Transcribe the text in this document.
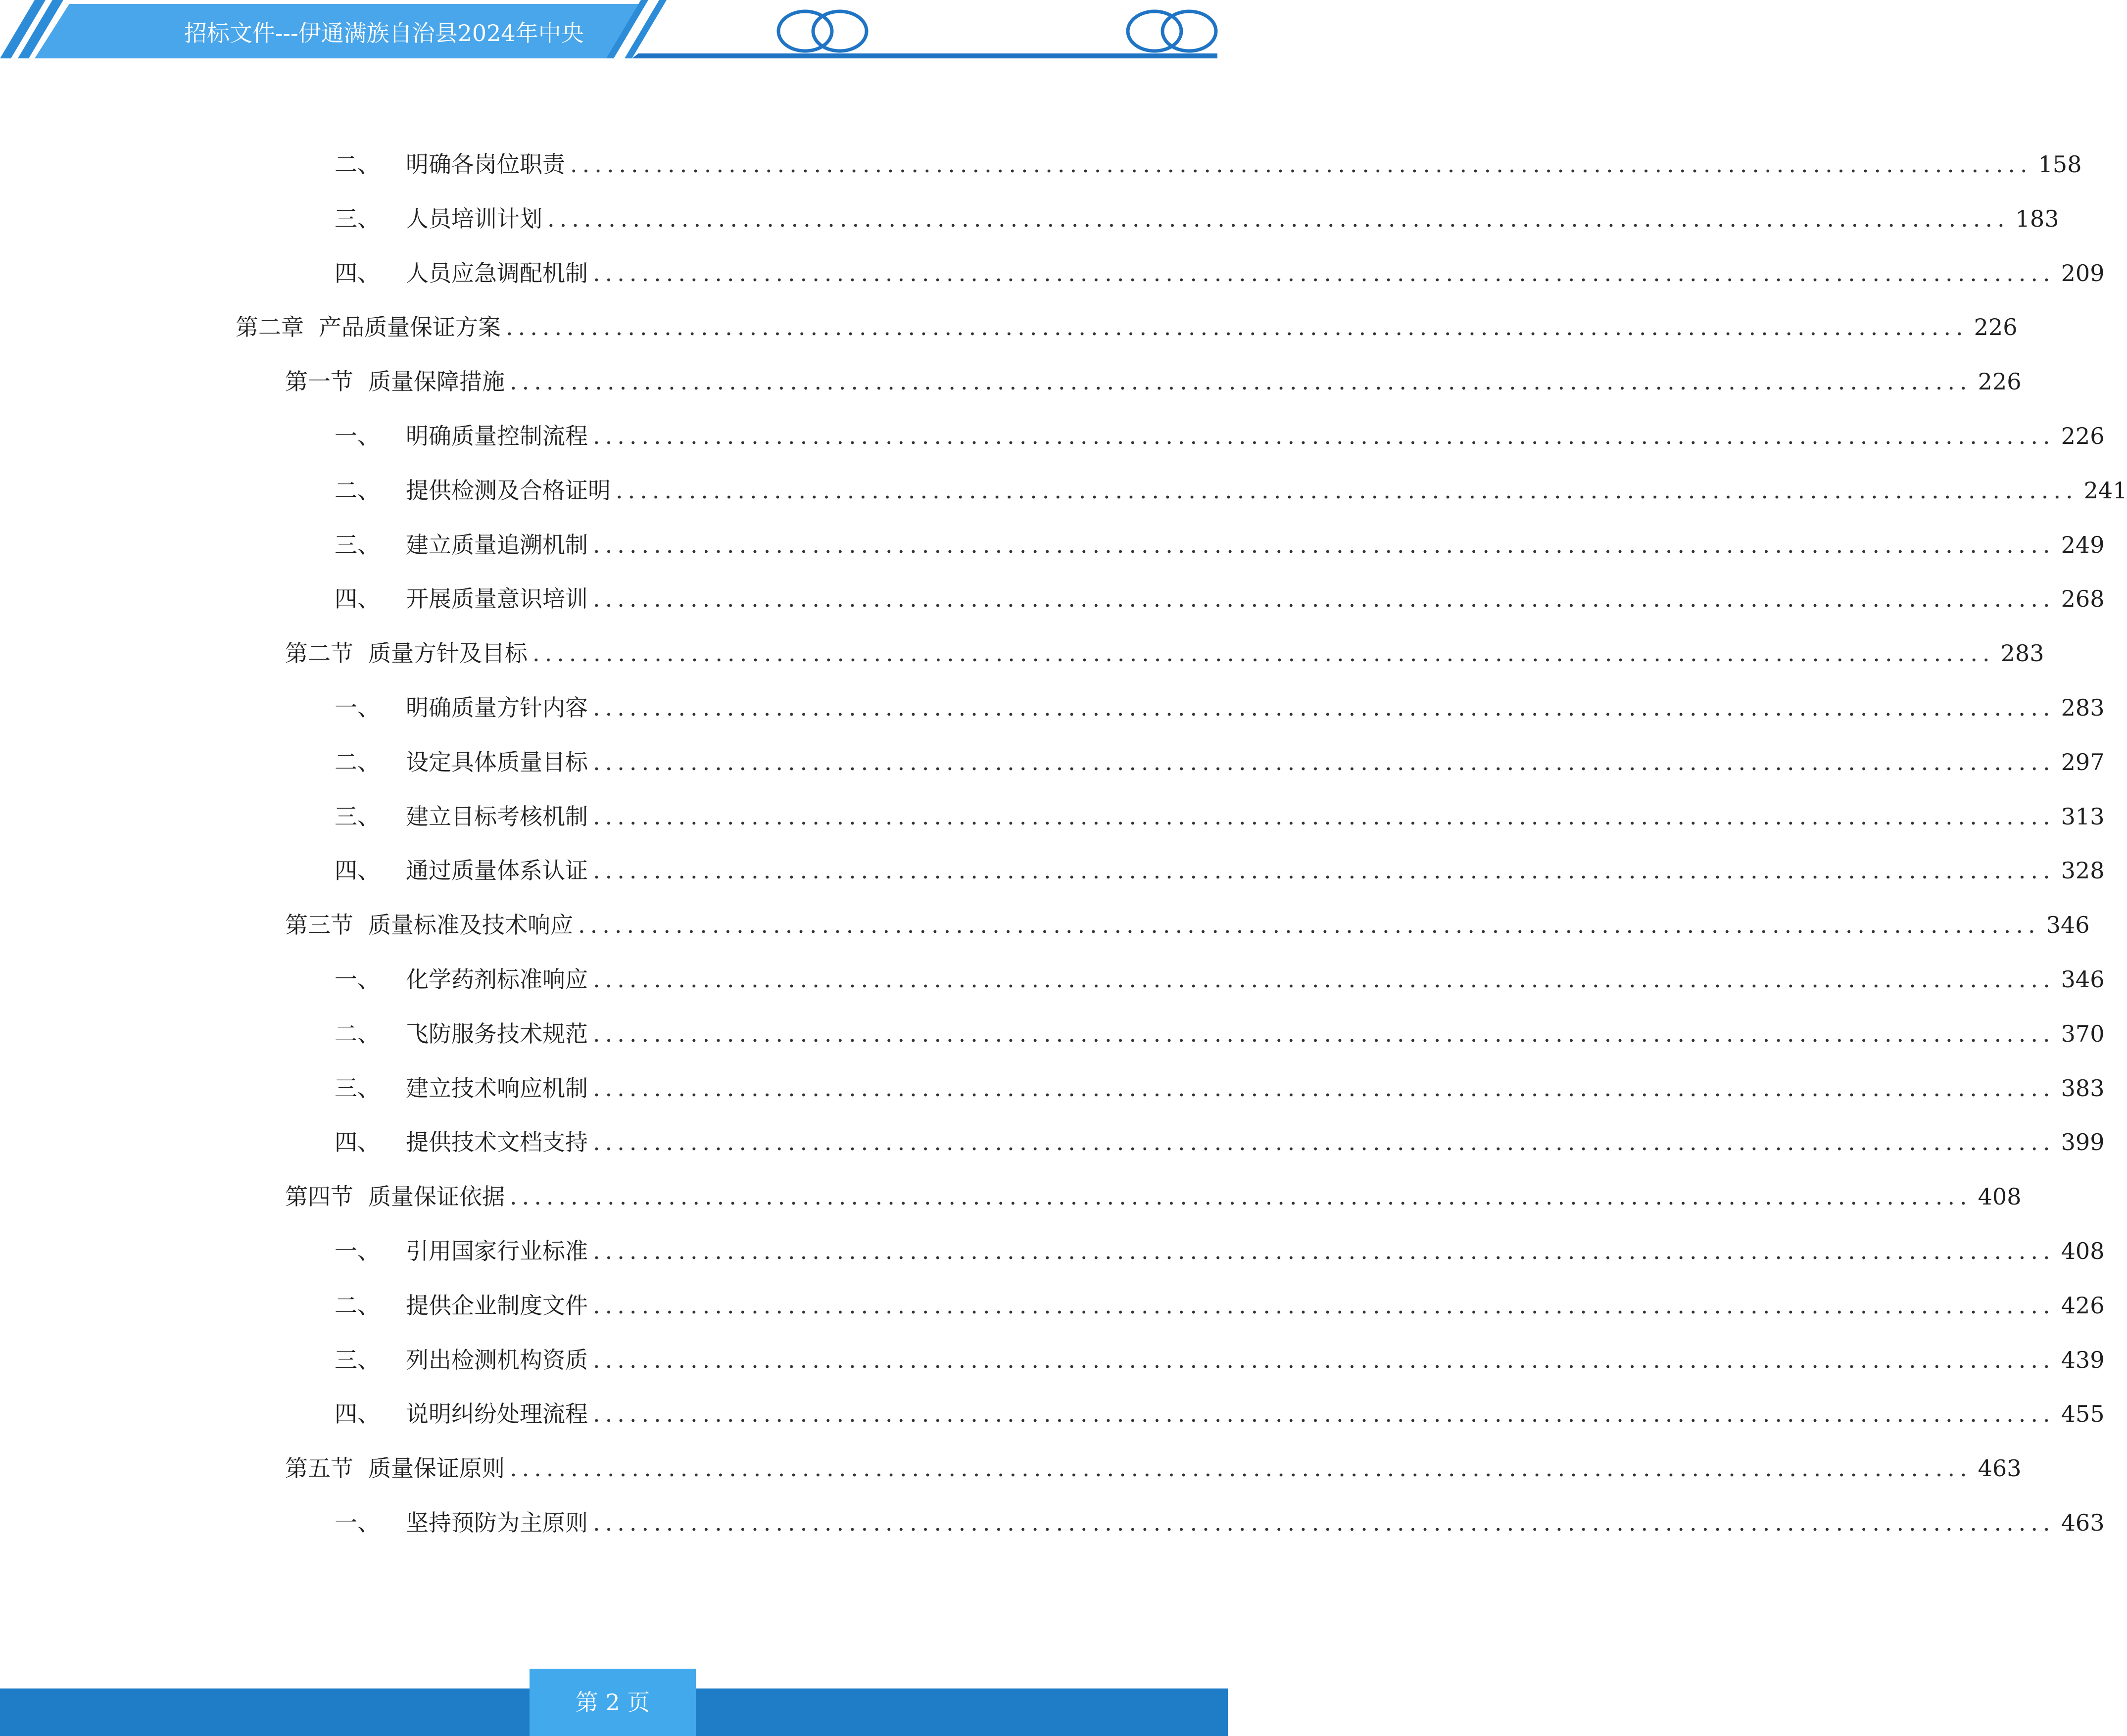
招标文件---伊通满族自治县2024年中央
二、 明确各岗位职责 ........................................................................................................................ 158
三、 人员培训计划 ........................................................................................................................ 183
四、 人员应急调配机制 ........................................................................................................................ 209
第二章 产品质量保证方案 ........................................................................................................................ 226
第一节 质量保障措施 ........................................................................................................................ 226
一、 明确质量控制流程 ........................................................................................................................ 226
二、 提供检测及合格证明 ........................................................................................................................ 241
三、 建立质量追溯机制 ........................................................................................................................ 249
四、 开展质量意识培训 ........................................................................................................................ 268
第二节 质量方针及目标 ........................................................................................................................ 283
一、 明确质量方针内容 ........................................................................................................................ 283
二、 设定具体质量目标 ........................................................................................................................ 297
三、 建立目标考核机制 ........................................................................................................................ 313
四、 通过质量体系认证 ........................................................................................................................ 328
第三节 质量标准及技术响应 ........................................................................................................................ 346
一、 化学药剂标准响应 ........................................................................................................................ 346
二、 飞防服务技术规范 ........................................................................................................................ 370
三、 建立技术响应机制 ........................................................................................................................ 383
四、 提供技术文档支持 ........................................................................................................................ 399
第四节 质量保证依据 ........................................................................................................................ 408
一、 引用国家行业标准 ........................................................................................................................ 408
二、 提供企业制度文件 ........................................................................................................................ 426
三、 列出检测机构资质 ........................................................................................................................ 439
四、 说明纠纷处理流程 ........................................................................................................................ 455
第五节 质量保证原则 ........................................................................................................................ 463
一、 坚持预防为主原则 ........................................................................................................................ 463
第 2 页
